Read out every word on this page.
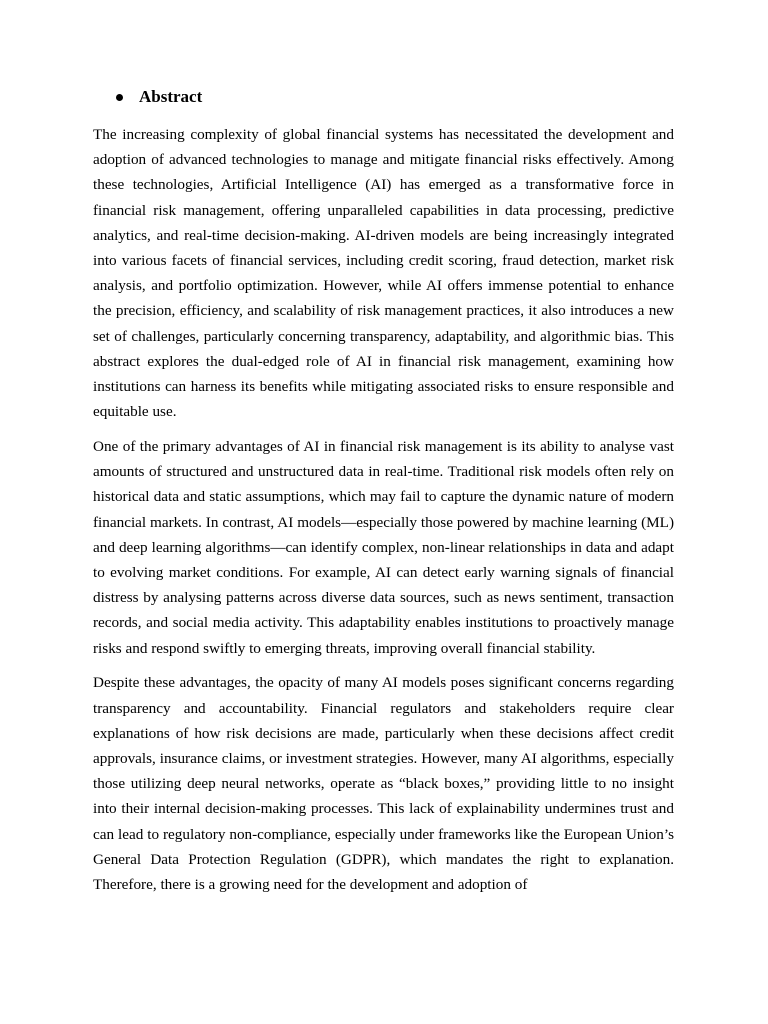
Abstract

The increasing complexity of global financial systems has necessitated the development and adoption of advanced technologies to manage and mitigate financial risks effectively. Among these technologies, Artificial Intelligence (AI) has emerged as a transformative force in financial risk management, offering unparalleled capabilities in data processing, predictive analytics, and real-time decision-making. AI-driven models are being increasingly integrated into various facets of financial services, including credit scoring, fraud detection, market risk analysis, and portfolio optimization. However, while AI offers immense potential to enhance the precision, efficiency, and scalability of risk management practices, it also introduces a new set of challenges, particularly concerning transparency, adaptability, and algorithmic bias. This abstract explores the dual-edged role of AI in financial risk management, examining how institutions can harness its benefits while mitigating associated risks to ensure responsible and equitable use.

One of the primary advantages of AI in financial risk management is its ability to analyse vast amounts of structured and unstructured data in real-time. Traditional risk models often rely on historical data and static assumptions, which may fail to capture the dynamic nature of modern financial markets. In contrast, AI models—especially those powered by machine learning (ML) and deep learning algorithms—can identify complex, non-linear relationships in data and adapt to evolving market conditions. For example, AI can detect early warning signals of financial distress by analysing patterns across diverse data sources, such as news sentiment, transaction records, and social media activity. This adaptability enables institutions to proactively manage risks and respond swiftly to emerging threats, improving overall financial stability.

Despite these advantages, the opacity of many AI models poses significant concerns regarding transparency and accountability. Financial regulators and stakeholders require clear explanations of how risk decisions are made, particularly when these decisions affect credit approvals, insurance claims, or investment strategies. However, many AI algorithms, especially those utilizing deep neural networks, operate as “black boxes,” providing little to no insight into their internal decision-making processes. This lack of explainability undermines trust and can lead to regulatory non-compliance, especially under frameworks like the European Union’s General Data Protection Regulation (GDPR), which mandates the right to explanation. Therefore, there is a growing need for the development and adoption of
